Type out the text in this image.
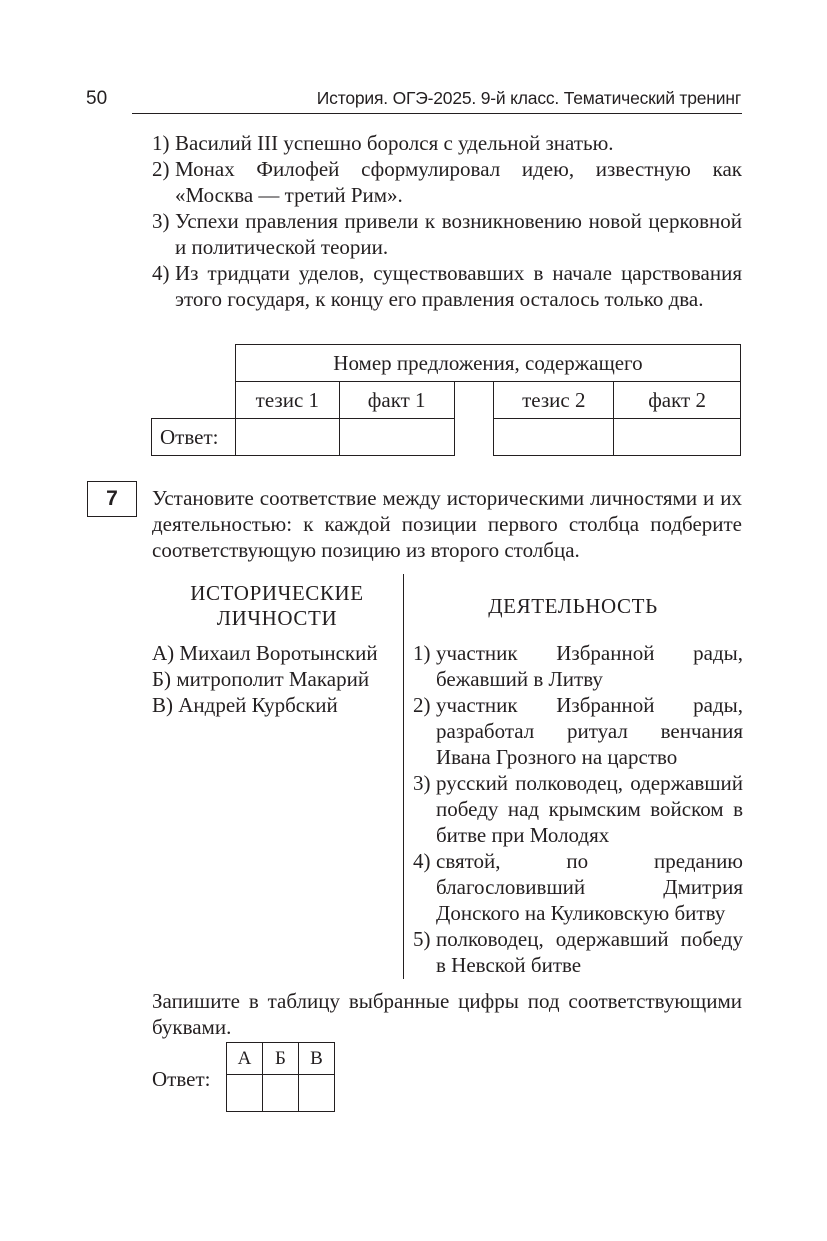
50	История. ОГЭ-2025. 9-й класс. Тематический тренинг
1) Василий III успешно боролся с удельной знатью.
2) Монах Филофей сформулировал идею, известную как «Москва — третий Рим».
3) Успехи правления привели к возникновению новой церковной и политической теории.
4) Из тридцати уделов, существовавших в начале царствования этого государя, к концу его правления осталось только два.
	Номер предложения, содержащего				
	тезис 1	факт 1		тезис 2	факт 2
Ответ:					
7	Установите соответствие между историческими личностями и их деятельностью: к каждой позиции первого столбца подберите соответствующую позицию из второго столбца.
ИСТОРИЧЕСКИЕ
ЛИЧНОСТИ	ДЕЯТЕЛЬНОСТЬ
А) Михаил Воротынский
Б) митрополит Макарий
В) Андрей Курбский
1) участник Избранной рады, бежавший в Литву
2) участник Избранной рады, разработал ритуал венчания Ивана Грозного на царство
3) русский полководец, одержавший победу над крымским войском в битве при Молодях
4) святой, по преданию благословивший Дмитрия Донского на Куликовскую битву
5) полководец, одержавший победу в Невской битве
Запишите в таблицу выбранные цифры под соответствующими буквами.
Ответ:
А	Б	В
